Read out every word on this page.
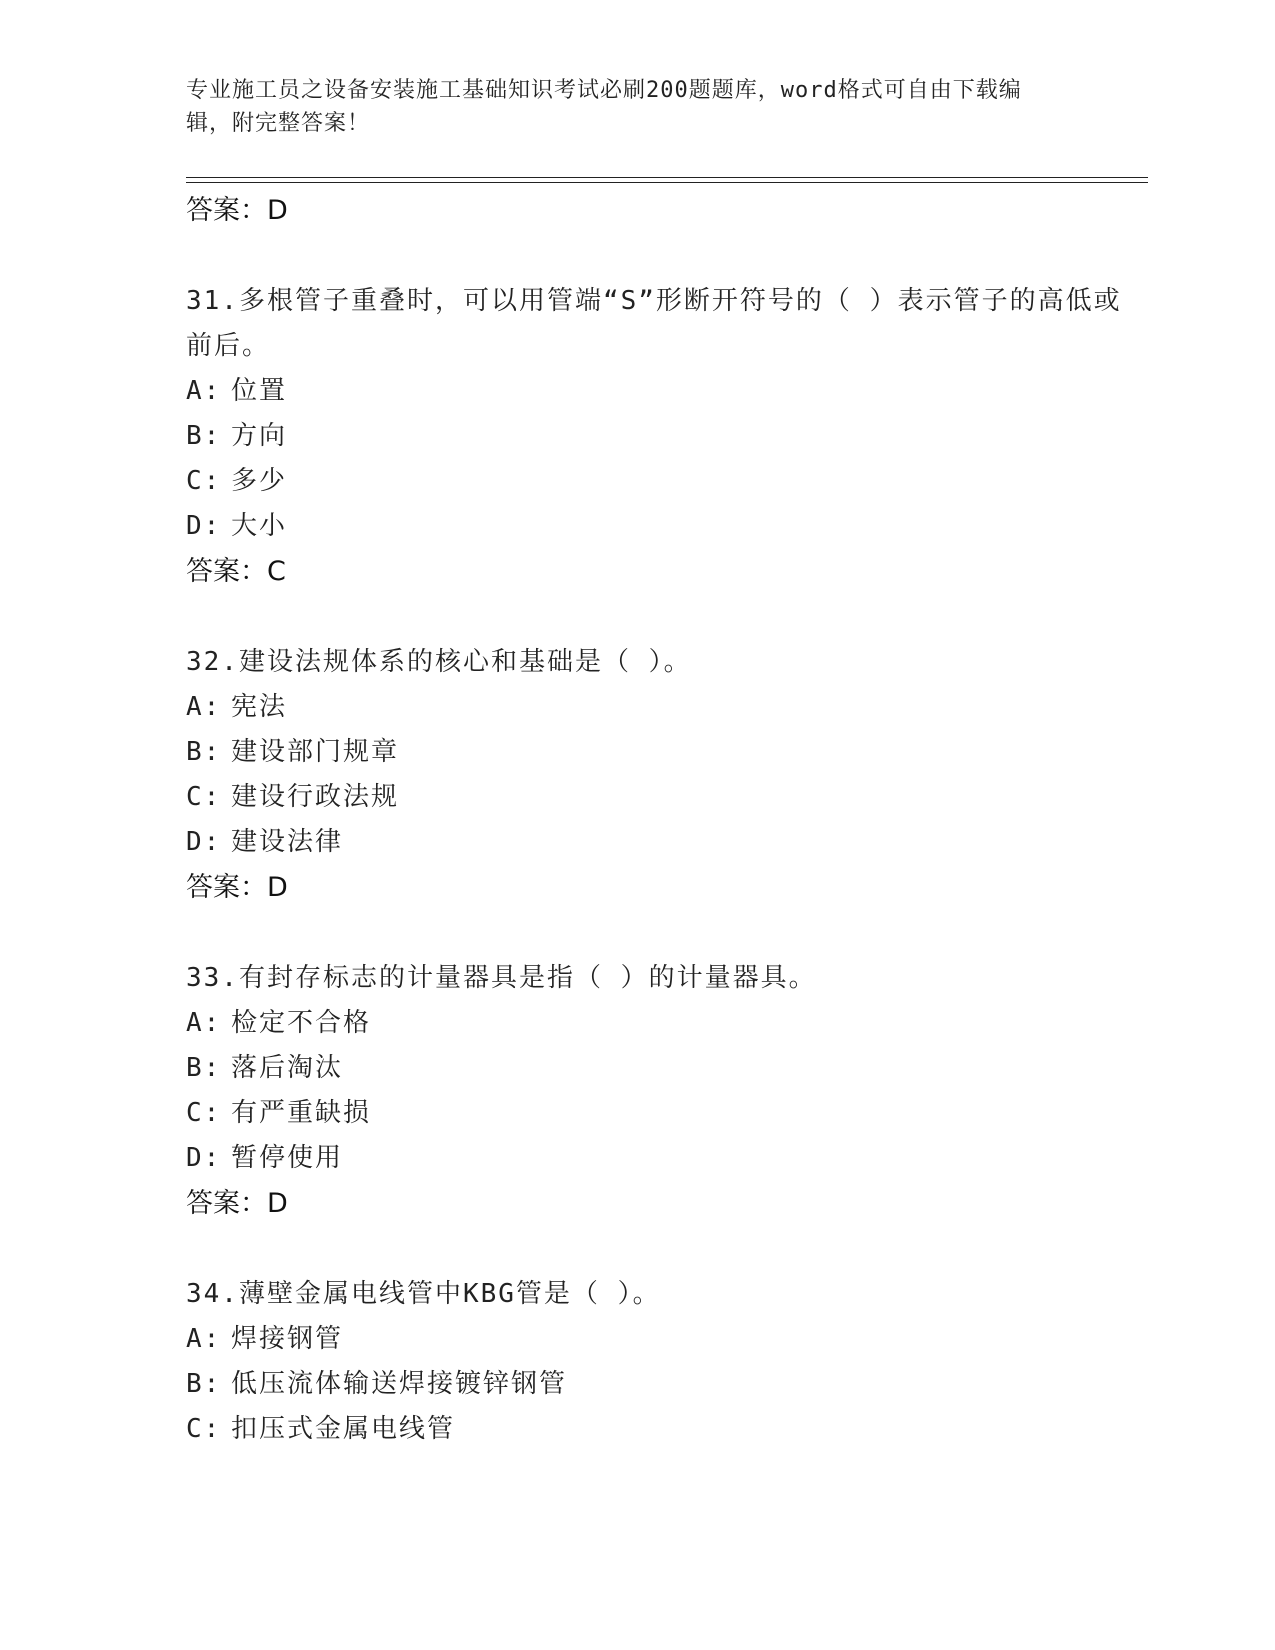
专业施工员之设备安装施工基础知识考试必刷200题题库，word格式可自由下载编辑，附完整答案！
答案：D
31.多根管子重叠时，可以用管端“S”形断开符号的（ ）表示管子的高低或前后。
A: 位置
B: 方向
C: 多少
D: 大小
答案：C
32.建设法规体系的核心和基础是（ ）。
A: 宪法
B: 建设部门规章
C: 建设行政法规
D: 建设法律
答案：D
33.有封存标志的计量器具是指（ ）的计量器具。
A: 检定不合格
B: 落后淘汰
C: 有严重缺损
D: 暂停使用
答案：D
34.薄壁金属电线管中KBG管是（ ）。
A: 焊接钢管
B: 低压流体输送焊接镀锌钢管
C: 扣压式金属电线管
